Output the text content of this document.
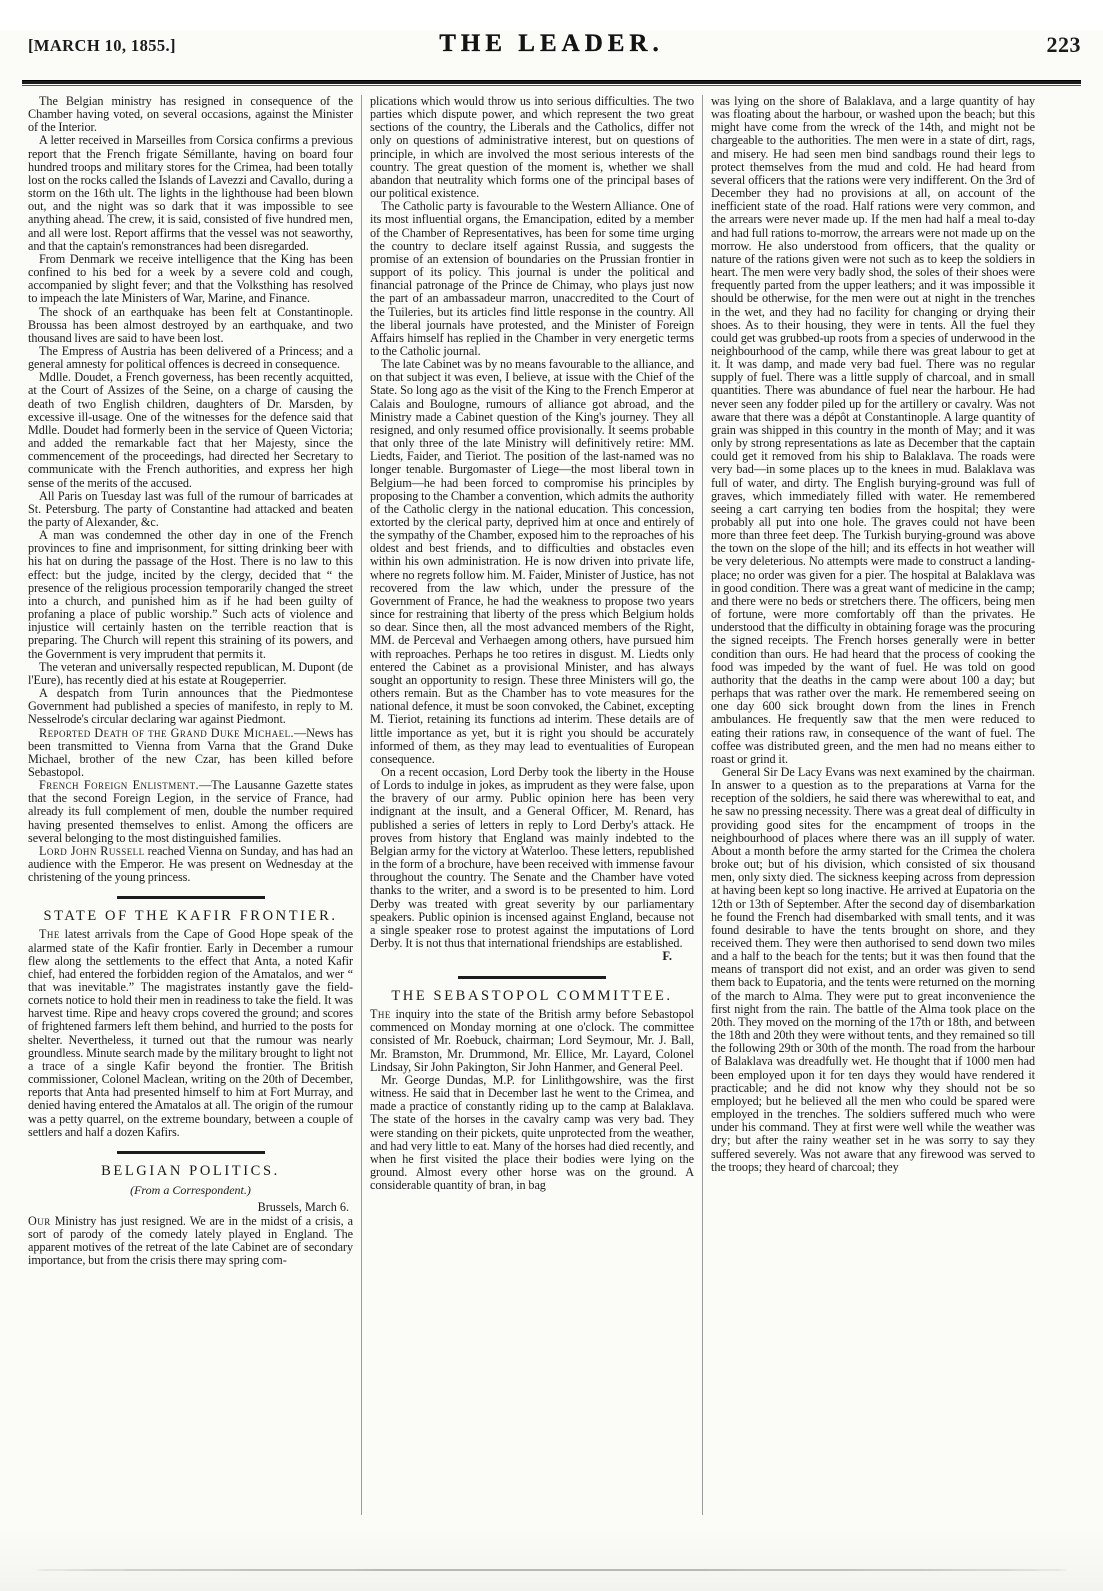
[MARCH 10, 1855.]	THE LEADER.	223

The Belgian ministry has resigned in consequence of the Chamber having voted, on several occasions, against the Minister of the Interior.

A letter received in Marseilles from Corsica confirms a previous report that the French frigate Sémillante, having on board four hundred troops and military stores for the Crimea, had been totally lost on the rocks called the Islands of Lavezzi and Cavallo, during a storm on the 16th ult. The lights in the lighthouse had been blown out, and the night was so dark that it was impossible to see anything ahead. The crew, it is said, consisted of five hundred men, and all were lost. Report affirms that the vessel was not seaworthy, and that the captain's remonstrances had been disregarded.

From Denmark we receive intelligence that the King has been confined to his bed for a week by a severe cold and cough, accompanied by slight fever; and that the Volksthing has resolved to impeach the late Ministers of War, Marine, and Finance.

The shock of an earthquake has been felt at Constantinople. Broussa has been almost destroyed by an earthquake, and two thousand lives are said to have been lost.

The Empress of Austria has been delivered of a Princess; and a general amnesty for political offences is decreed in consequence.

Mdlle. Doudet, a French governess, has been recently acquitted, at the Court of Assizes of the Seine, on a charge of causing the death of two English children, daughters of Dr. Marsden, by excessive ill-usage. One of the witnesses for the defence said that Mdlle. Doudet had formerly been in the service of Queen Victoria; and added the remarkable fact that her Majesty, since the commencement of the proceedings, had directed her Secretary to communicate with the French authorities, and express her high sense of the merits of the accused.

All Paris on Tuesday last was full of the rumour of barricades at St. Petersburg. The party of Constantine had attacked and beaten the party of Alexander, &c.

A man was condemned the other day in one of the French provinces to fine and imprisonment, for sitting drinking beer with his hat on during the passage of the Host. There is no law to this effect: but the judge, incited by the clergy, decided that “ the presence of the religious procession temporarily changed the street into a church, and punished him as if he had been guilty of profaning a place of public worship.” Such acts of violence and injustice will certainly hasten on the terrible reaction that is preparing. The Church will repent this straining of its powers, and the Government is very imprudent that permits it.

The veteran and universally respected republican, M. Dupont (de l'Eure), has recently died at his estate at Rougeperrier.

A despatch from Turin announces that the Piedmontese Government had published a species of manifesto, in reply to M. Nesselrode's circular declaring war against Piedmont.

Reported Death of the Grand Duke Michael.—News has been transmitted to Vienna from Varna that the Grand Duke Michael, brother of the new Czar, has been killed before Sebastopol.

French Foreign Enlistment.—The Lausanne Gazette states that the second Foreign Legion, in the service of France, had already its full complement of men, double the number required having presented themselves to enlist. Among the officers are several belonging to the most distinguished families.

Lord John Russell reached Vienna on Sunday, and has had an audience with the Emperor. He was present on Wednesday at the christening of the young princess.

STATE OF THE KAFIR FRONTIER.

The latest arrivals from the Cape of Good Hope speak of the alarmed state of the Kafir frontier. Early in December a rumour flew along the settlements to the effect that Anta, a noted Kafir chief, had entered the forbidden region of the Amatalos, and wer “ that was inevitable.” The magistrates instantly gave the field-cornets notice to hold their men in readiness to take the field. It was harvest time. Ripe and heavy crops covered the ground; and scores of frightened farmers left them behind, and hurried to the posts for shelter. Nevertheless, it turned out that the rumour was nearly groundless. Minute search made by the military brought to light not a trace of a single Kafir beyond the frontier. The British commissioner, Colonel Maclean, writing on the 20th of December, reports that Anta had presented himself to him at Fort Murray, and denied having entered the Amatalos at all. The origin of the rumour was a petty quarrel, on the extreme boundary, between a couple of settlers and half a dozen Kafirs.

BELGIAN POLITICS.
(From a Correspondent.)
Brussels, March 6.

Our Ministry has just resigned. We are in the midst of a crisis, a sort of parody of the comedy lately played in England. The apparent motives of the retreat of the late Cabinet are of secondary importance, but from the crisis there may spring com-

plications which would throw us into serious difficulties. The two parties which dispute power, and which represent the two great sections of the country, the Liberals and the Catholics, differ not only on questions of administrative interest, but on questions of principle, in which are involved the most serious interests of the country. The great question of the moment is, whether we shall abandon that neutrality which forms one of the principal bases of our political existence.

The Catholic party is favourable to the Western Alliance. One of its most influential organs, the Emancipation, edited by a member of the Chamber of Representatives, has been for some time urging the country to declare itself against Russia, and suggests the promise of an extension of boundaries on the Prussian frontier in support of its policy. This journal is under the political and financial patronage of the Prince de Chimay, who plays just now the part of an ambassadeur marron, unaccredited to the Court of the Tuileries, but its articles find little response in the country. All the liberal journals have protested, and the Minister of Foreign Affairs himself has replied in the Chamber in very energetic terms to the Catholic journal.

The late Cabinet was by no means favourable to the alliance, and on that subject it was even, I believe, at issue with the Chief of the State. So long ago as the visit of the King to the French Emperor at Calais and Boulogne, rumours of alliance got abroad, and the Ministry made a Cabinet question of the King's journey. They all resigned, and only resumed office provisionally. It seems probable that only three of the late Ministry will definitively retire: MM. Liedts, Faider, and Tieriot. The position of the last-named was no longer tenable. Burgomaster of Liege—the most liberal town in Belgium—he had been forced to compromise his principles by proposing to the Chamber a convention, which admits the authority of the Catholic clergy in the national education. This concession, extorted by the clerical party, deprived him at once and entirely of the sympathy of the Chamber, exposed him to the reproaches of his oldest and best friends, and to difficulties and obstacles even within his own administration. He is now driven into private life, where no regrets follow him. M. Faider, Minister of Justice, has not recovered from the law which, under the pressure of the Government of France, he had the weakness to propose two years since for restraining that liberty of the press which Belgium holds so dear. Since then, all the most advanced members of the Right, MM. de Perceval and Verhaegen among others, have pursued him with reproaches. Perhaps he too retires in disgust. M. Liedts only entered the Cabinet as a provisional Minister, and has always sought an opportunity to resign. These three Ministers will go, the others remain. But as the Chamber has to vote measures for the national defence, it must be soon convoked, the Cabinet, excepting M. Tieriot, retaining its functions ad interim. These details are of little importance as yet, but it is right you should be accurately informed of them, as they may lead to eventualities of European consequence.

On a recent occasion, Lord Derby took the liberty in the House of Lords to indulge in jokes, as imprudent as they were false, upon the bravery of our army. Public opinion here has been very indignant at the insult, and a General Officer, M. Renard, has published a series of letters in reply to Lord Derby's attack. He proves from history that England was mainly indebted to the Belgian army for the victory at Waterloo. These letters, republished in the form of a brochure, have been received with immense favour throughout the country. The Senate and the Chamber have voted thanks to the writer, and a sword is to be presented to him. Lord Derby was treated with great severity by our parliamentary speakers. Public opinion is incensed against England, because not a single speaker rose to protest against the imputations of Lord Derby. It is not thus that international friendships are established.

F.
THE SEBASTOPOL COMMITTEE.

The inquiry into the state of the British army before Sebastopol commenced on Monday morning at one o'clock. The committee consisted of Mr. Roebuck, chairman; Lord Seymour, Mr. J. Ball, Mr. Bramston, Mr. Drummond, Mr. Ellice, Mr. Layard, Colonel Lindsay, Sir John Pakington, Sir John Hanmer, and General Peel.

Mr. George Dundas, M.P. for Linlithgowshire, was the first witness. He said that in December last he went to the Crimea, and made a practice of constantly riding up to the camp at Balaklava. The state of the horses in the cavalry camp was very bad. They were standing on their pickets, quite unprotected from the weather, and had very little to eat. Many of the horses had died recently, and when he first visited the place their bodies were lying on the ground. Almost every other horse was on the ground. A considerable quantity of bran, in bag

was lying on the shore of Balaklava, and a large quantity of hay was floating about the harbour, or washed upon the beach; but this might have come from the wreck of the 14th, and might not be chargeable to the authorities. The men were in a state of dirt, rags, and misery. He had seen men bind sandbags round their legs to protect themselves from the mud and cold. He had heard from several officers that the rations were very indifferent. On the 3rd of December they had no provisions at all, on account of the inefficient state of the road. Half rations were very common, and the arrears were never made up. If the men had half a meal to-day and had full rations to-morrow, the arrears were not made up on the morrow. He also understood from officers, that the quality or nature of the rations given were not such as to keep the soldiers in heart. The men were very badly shod, the soles of their shoes were frequently parted from the upper leathers; and it was impossible it should be otherwise, for the men were out at night in the trenches in the wet, and they had no facility for changing or drying their shoes. As to their housing, they were in tents. All the fuel they could get was grubbed-up roots from a species of underwood in the neighbourhood of the camp, while there was great labour to get at it. It was damp, and made very bad fuel. There was no regular supply of fuel. There was a little supply of charcoal, and in small quantities. There was abundance of fuel near the harbour. He had never seen any fodder piled up for the artillery or cavalry. Was not aware that there was a dépôt at Constantinople. A large quantity of grain was shipped in this country in the month of May; and it was only by strong representations as late as December that the captain could get it removed from his ship to Balaklava. The roads were very bad—in some places up to the knees in mud. Balaklava was full of water, and dirty. The English burying-ground was full of graves, which immediately filled with water. He remembered seeing a cart carrying ten bodies from the hospital; they were probably all put into one hole. The graves could not have been more than three feet deep. The Turkish burying-ground was above the town on the slope of the hill; and its effects in hot weather will be very deleterious. No attempts were made to construct a landing-place; no order was given for a pier. The hospital at Balaklava was in good condition. There was a great want of medicine in the camp; and there were no beds or stretchers there. The officers, being men of fortune, were more comfortably off than the privates. He understood that the difficulty in obtaining forage was the procuring the signed receipts. The French horses generally were in better condition than ours. He had heard that the process of cooking the food was impeded by the want of fuel. He was told on good authority that the deaths in the camp were about 100 a day; but perhaps that was rather over the mark. He remembered seeing on one day 600 sick brought down from the lines in French ambulances. He frequently saw that the men were reduced to eating their rations raw, in consequence of the want of fuel. The coffee was distributed green, and the men had no means either to roast or grind it.

General Sir De Lacy Evans was next examined by the chairman. In answer to a question as to the preparations at Varna for the reception of the soldiers, he said there was wherewithal to eat, and he saw no pressing necessity. There was a great deal of difficulty in providing good sites for the encampment of troops in the neighbourhood of places where there was an ill supply of water. About a month before the army started for the Crimea the cholera broke out; but of his division, which consisted of six thousand men, only sixty died. The sickness keeping across from depression at having been kept so long inactive. He arrived at Eupatoria on the 12th or 13th of September. After the second day of disembarkation he found the French had disembarked with small tents, and it was found desirable to have the tents brought on shore, and they received them. They were then authorised to send down two miles and a half to the beach for the tents; but it was then found that the means of transport did not exist, and an order was given to send them back to Eupatoria, and the tents were returned on the morning of the march to Alma. They were put to great inconvenience the first night from the rain. The battle of the Alma took place on the 20th. They moved on the morning of the 17th or 18th, and between the 18th and 20th they were without tents, and they remained so till the following 29th or 30th of the month. The road from the harbour of Balaklava was dreadfully wet. He thought that if 1000 men had been employed upon it for ten days they would have rendered it practicable; and he did not know why they should not be so employed; but he believed all the men who could be spared were employed in the trenches. The soldiers suffered much who were under his command. They at first were well while the weather was dry; but after the rainy weather set in he was sorry to say they suffered severely. Was not aware that any firewood was served to the troops; they heard of charcoal; they
